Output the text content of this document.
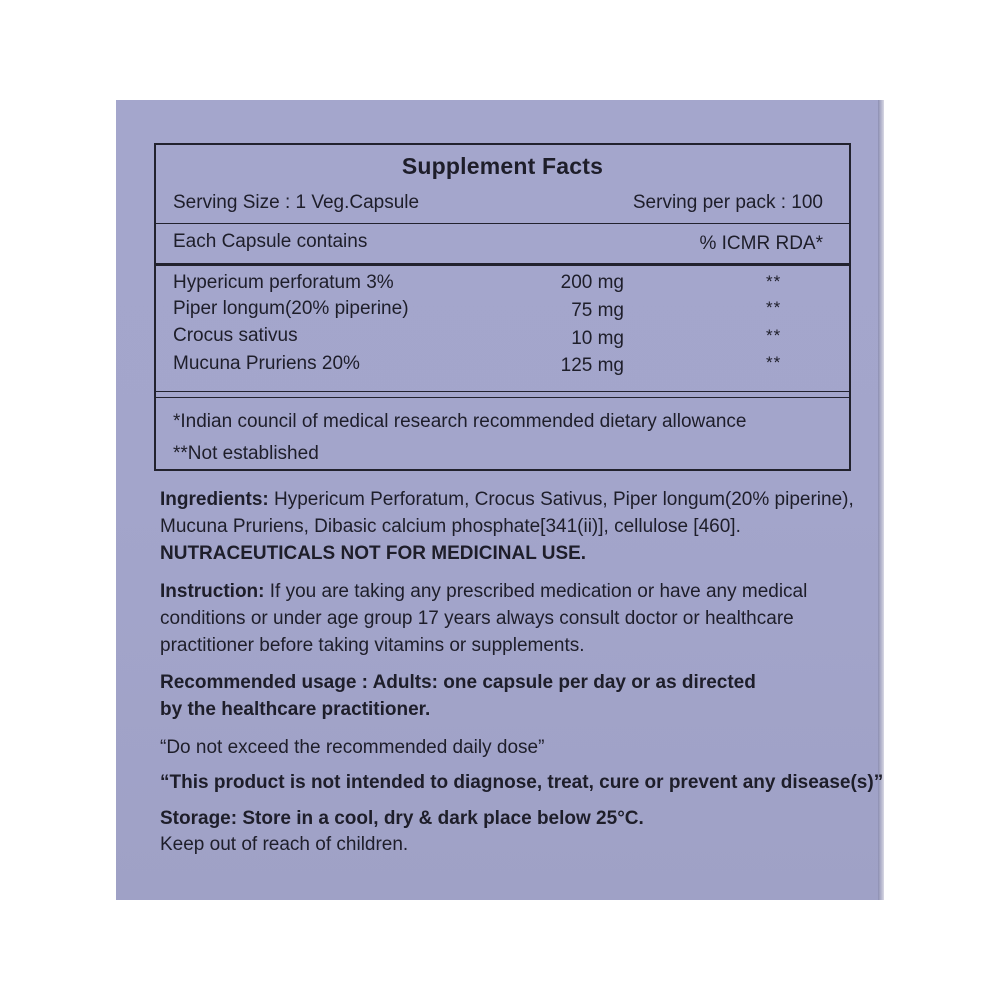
Supplement Facts
Serving Size : 1 Veg.Capsule	Serving per pack : 100
Each Capsule contains	% ICMR RDA*
Hypericum perforatum 3%	200 mg	**
Piper longum(20% piperine)	75 mg	**
Crocus sativus	10 mg	**
Mucuna Pruriens 20%	125 mg	**
*Indian council of medical research recommended dietary allowance
**Not established
Ingredients: Hypericum Perforatum, Crocus Sativus, Piper longum(20% piperine),
Mucuna Pruriens, Dibasic calcium phosphate[341(ii)], cellulose [460].
NUTRACEUTICALS NOT FOR MEDICINAL USE.
Instruction: If you are taking any prescribed medication or have any medical
conditions or under age group 17 years always consult doctor or healthcare
practitioner before taking vitamins or supplements.
Recommended usage : Adults: one capsule per day or as directed
by the healthcare practitioner.
“Do not exceed the recommended daily dose”
“This product is not intended to diagnose, treat, cure or prevent any disease(s)”
Storage: Store in a cool, dry & dark place below 25°C.
Keep out of reach of children.
